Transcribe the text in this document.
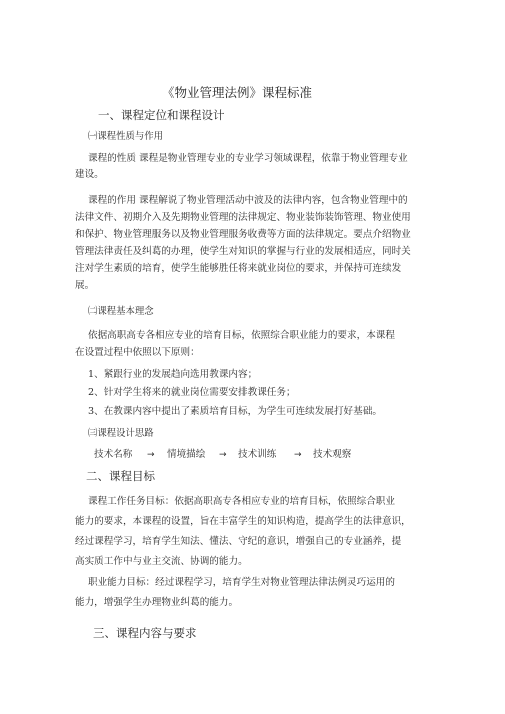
《物业管理法例》课程标准
一、课程定位和课程设计
㈠课程性质与作用
课程的性质 课程是物业管理专业的专业学习领域课程，依靠于物业管理专业
建设。
课程的作用 课程解说了物业管理活动中波及的法律内容，包含物业管理中的
法律文件、初期介入及先期物业管理的法律规定、物业装饰装饰管理、物业使用
和保护、物业管理服务以及物业管理服务收费等方面的法律规定。要点介绍物业
管理法律责任及纠葛的办理，使学生对知识的掌握与行业的发展相适应，同时关
注对学生素质的培育，使学生能够胜任将来就业岗位的要求，并保持可连续发
展。
㈡课程基本理念
依据高职高专各相应专业的培育目标，依照综合职业能力的要求，本课程
在设置过程中依照以下原则：
1、紧跟行业的发展趋向选用教课内容；
2、针对学生将来的就业岗位需要安排教课任务；
3、在教课内容中提出了素质培育目标，为学生可连续发展打好基础。
㈢课程设计思路
技术名称 → 情境描绘 → 技术训练 → 技术观察
二、课程目标
课程工作任务目标：依据高职高专各相应专业的培育目标，依照综合职业
能力的要求，本课程的设置，旨在丰富学生的知识构造，提高学生的法律意识，
经过课程学习，培育学生知法、懂法、守纪的意识，增强自己的专业涵养，提
高实质工作中与业主交流、协调的能力。
职业能力目标：经过课程学习，培育学生对物业管理法律法例灵巧运用的
能力，增强学生办理物业纠葛的能力。
三、课程内容与要求
